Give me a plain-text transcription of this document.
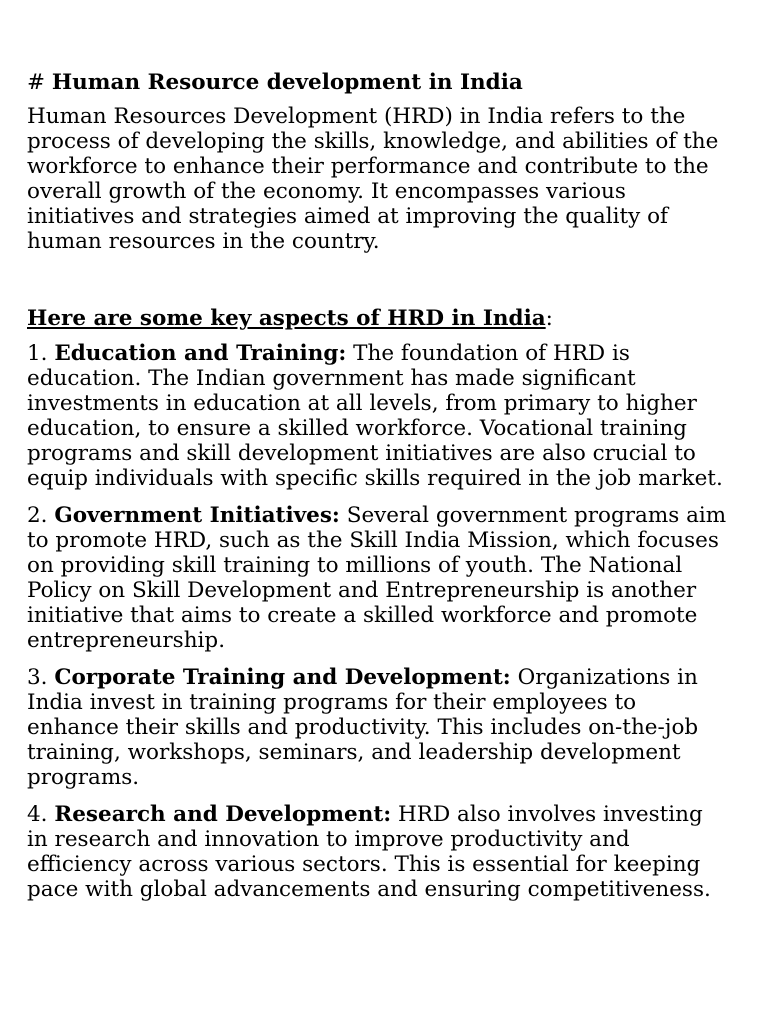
# Human Resource development in India

Human Resources Development (HRD) in India refers to the process of developing the skills, knowledge, and abilities of the workforce to enhance their performance and contribute to the overall growth of the economy. It encompasses various initiatives and strategies aimed at improving the quality of human resources in the country.

Here are some key aspects of HRD in India:

1. Education and Training: The foundation of HRD is education. The Indian government has made significant investments in education at all levels, from primary to higher education, to ensure a skilled workforce. Vocational training programs and skill development initiatives are also crucial to equip individuals with specific skills required in the job market.

2. Government Initiatives: Several government programs aim to promote HRD, such as the Skill India Mission, which focuses on providing skill training to millions of youth. The National Policy on Skill Development and Entrepreneurship is another initiative that aims to create a skilled workforce and promote entrepreneurship.

3. Corporate Training and Development: Organizations in India invest in training programs for their employees to enhance their skills and productivity. This includes on-the-job training, workshops, seminars, and leadership development programs.

4. Research and Development: HRD also involves investing in research and innovation to improve productivity and efficiency across various sectors. This is essential for keeping pace with global advancements and ensuring competitiveness.
